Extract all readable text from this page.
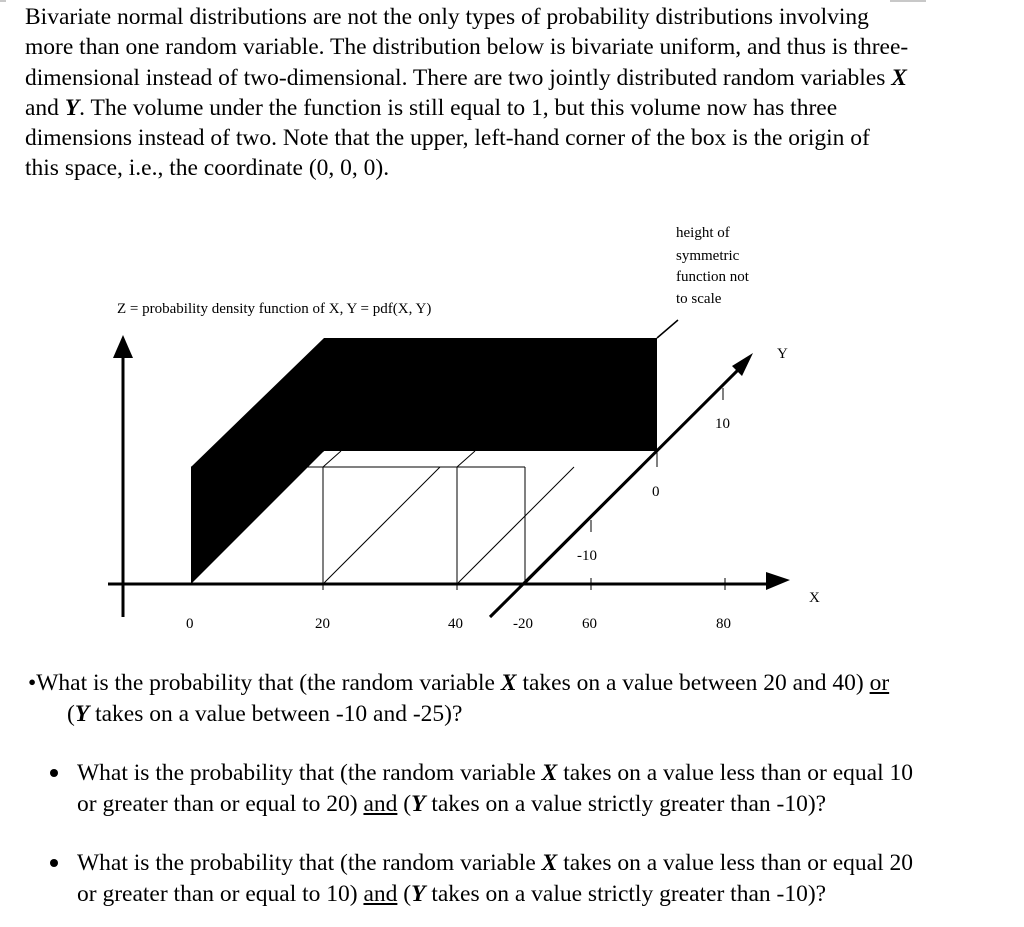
Bivariate normal distributions are not the only types of probability distributions involving
more than one random variable. The distribution below is bivariate uniform, and thus is three-
dimensional instead of two-dimensional. There are two jointly distributed random variables X
and Y. The volume under the function is still equal to 1, but this volume now has three
dimensions instead of two. Note that the upper, left-hand corner of the box is the origin of
this space, i.e., the coordinate (0, 0, 0).

Z = probability density function of X, Y = pdf(X, Y)
height of
symmetric
function not
to scale
Y
X
0	20	40	60	80
-20
-10
0
10

•What is the probability that (the random variable X takes on a value between 20 and 40) or
(Y takes on a value between -10 and -25)?

What is the probability that (the random variable X takes on a value less than or equal 10
or greater than or equal to 20) and (Y takes on a value strictly greater than -10)?

What is the probability that (the random variable X takes on a value less than or equal 20
or greater than or equal to 10) and (Y takes on a value strictly greater than -10)?
